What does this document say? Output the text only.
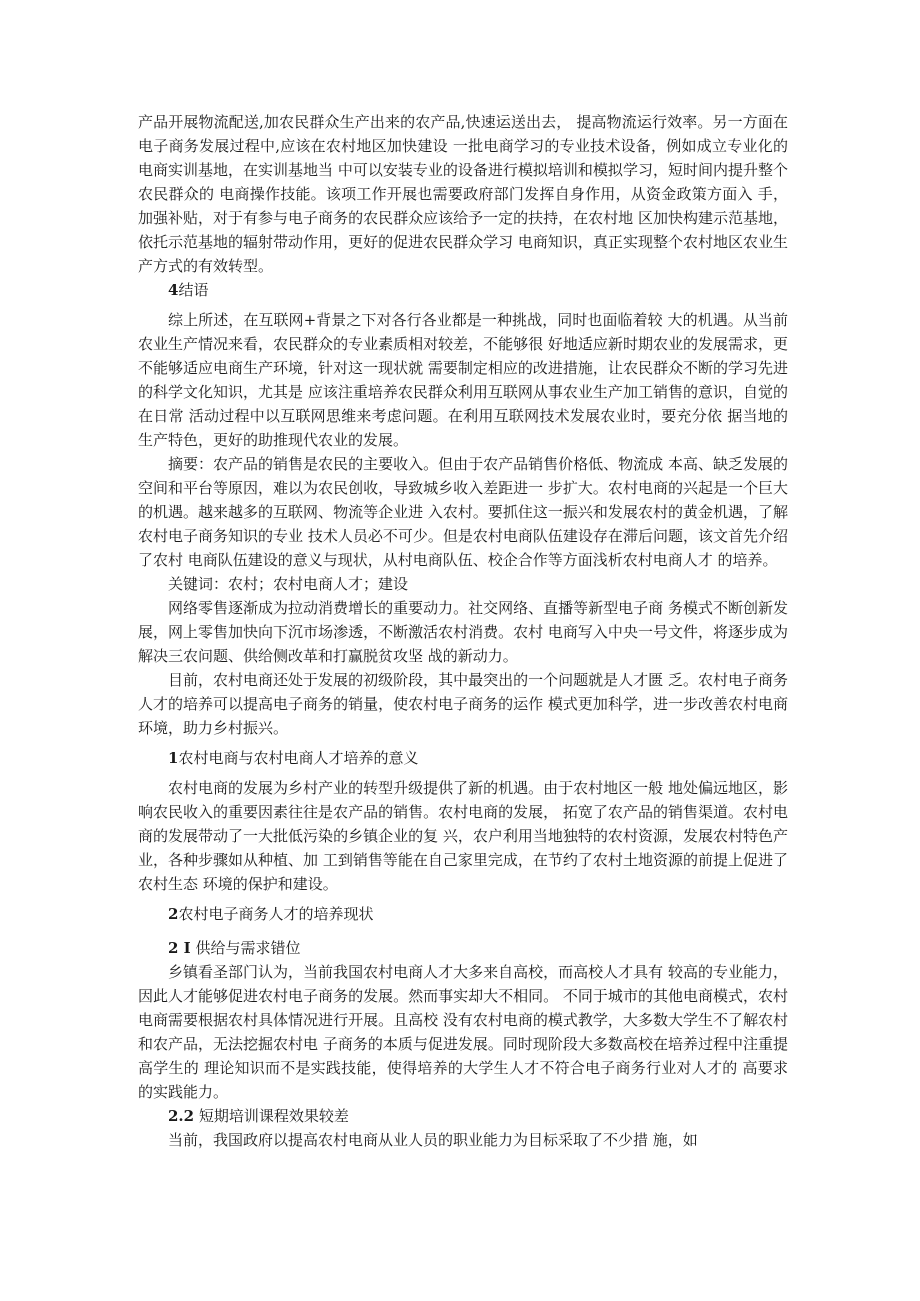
产品开展物流配送,加农民群众生产出来的农产品,快速运送出去， 提高物流运行效率。另一方面在电子商务发展过程中,应该在农村地区加快建设 一批电商学习的专业技术设备，例如成立专业化的电商实训基地，在实训基地当 中可以安装专业的设备进行模拟培训和模拟学习，短时间内提升整个农民群众的 电商操作技能。该项工作开展也需要政府部门发挥自身作用，从资金政策方面入 手，加强补贴，对于有参与电子商务的农民群众应该给予一定的扶持，在农村地 区加快构建示范基地，依托示范基地的辐射带动作用，更好的促进农民群众学习 电商知识，真正实现整个农村地区农业生产方式的有效转型。

4结语

综上所述，在互联网+背景之下对各行各业都是一种挑战，同时也面临着较 大的机遇。从当前农业生产情况来看，农民群众的专业素质相对较差，不能够很 好地适应新时期农业的发展需求，更不能够适应电商生产环境，针对这一现状就 需要制定相应的改进措施，让农民群众不断的学习先进的科学文化知识，尤其是 应该注重培养农民群众利用互联网从事农业生产加工销售的意识，自觉的在日常 活动过程中以互联网思维来考虑问题。在利用互联网技术发展农业时，要充分依 据当地的生产特色，更好的助推现代农业的发展。

摘要：农产品的销售是农民的主要收入。但由于农产品销售价格低、物流成 本高、缺乏发展的空间和平台等原因，难以为农民创收，导致城乡收入差距进一 步扩大。农村电商的兴起是一个巨大的机遇。越来越多的互联网、物流等企业进 入农村。要抓住这一振兴和发展农村的黄金机遇，了解农村电子商务知识的专业 技术人员必不可少。但是农村电商队伍建设存在滞后问题，该文首先介绍了农村 电商队伍建设的意义与现状，从村电商队伍、校企合作等方面浅析农村电商人才 的培养。

关键词：农村；农村电商人才；建设

网络零售逐渐成为拉动消费增长的重要动力。社交网络、直播等新型电子商 务模式不断创新发展，网上零售加快向下沉市场渗透，不断激活农村消费。农村 电商写入中央一号文件，将逐步成为解决三农问题、供给侧改革和打赢脱贫攻坚 战的新动力。

目前，农村电商还处于发展的初级阶段，其中最突出的一个问题就是人才匮 乏。农村电子商务人才的培养可以提高电子商务的销量，使农村电子商务的运作 模式更加科学，进一步改善农村电商环境，助力乡村振兴。

1农村电商与农村电商人才培养的意义

农村电商的发展为乡村产业的转型升级提供了新的机遇。由于农村地区一般 地处偏远地区，影响农民收入的重要因素往往是农产品的销售。农村电商的发展， 拓宽了农产品的销售渠道。农村电商的发展带动了一大批低污染的乡镇企业的复 兴，农户利用当地独特的农村资源，发展农村特色产业，各种步骤如从种植、加 工到销售等能在自己家里完成，在节约了农村土地资源的前提上促进了农村生态 环境的保护和建设。

2农村电子商务人才的培养现状
2 I 供给与需求错位

乡镇看圣部门认为，当前我国农村电商人才大多来自高校，而高校人才具有 较高的专业能力，因此人才能够促进农村电子商务的发展。然而事实却大不相同。 不同于城市的其他电商模式，农村电商需要根据农村具体情况进行开展。且高校 没有农村电商的模式教学，大多数大学生不了解农村和农产品，无法挖掘农村电 子商务的本质与促进发展。同时现阶段大多数高校在培养过程中注重提高学生的 理论知识而不是实践技能，使得培养的大学生人才不符合电子商务行业对人才的 高要求的实践能力。

2.2 短期培训课程效果较差

当前，我国政府以提高农村电商从业人员的职业能力为目标采取了不少措 施，如
